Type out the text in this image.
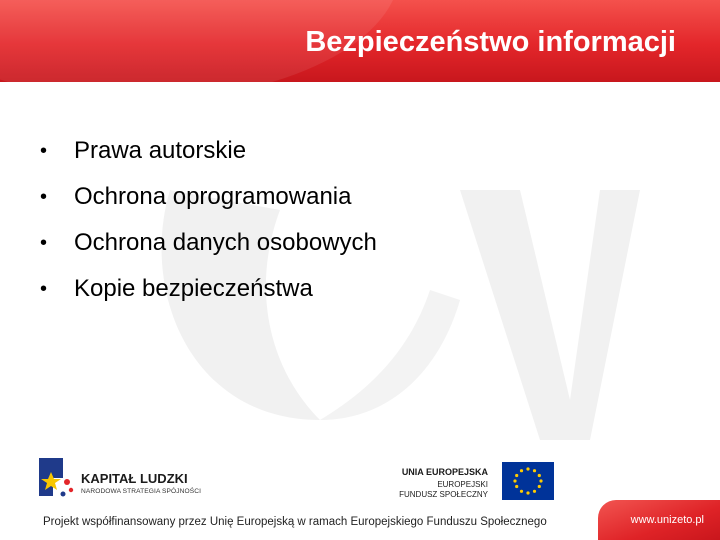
Bezpieczeństwo informacji
•	Prawa autorskie
•	Ochrona oprogramowania
•	Ochrona danych osobowych
•	Kopie bezpieczeństwa
KAPITAŁ LUDZKI
NARODOWA STRATEGIA SPÓJNOŚCI
UNIA EUROPEJSKA
EUROPEJSKI
FUNDUSZ SPOŁECZNY
Projekt współfinansowany przez Unię Europejską w ramach Europejskiego Funduszu Społecznego	www.unizeto.pl
